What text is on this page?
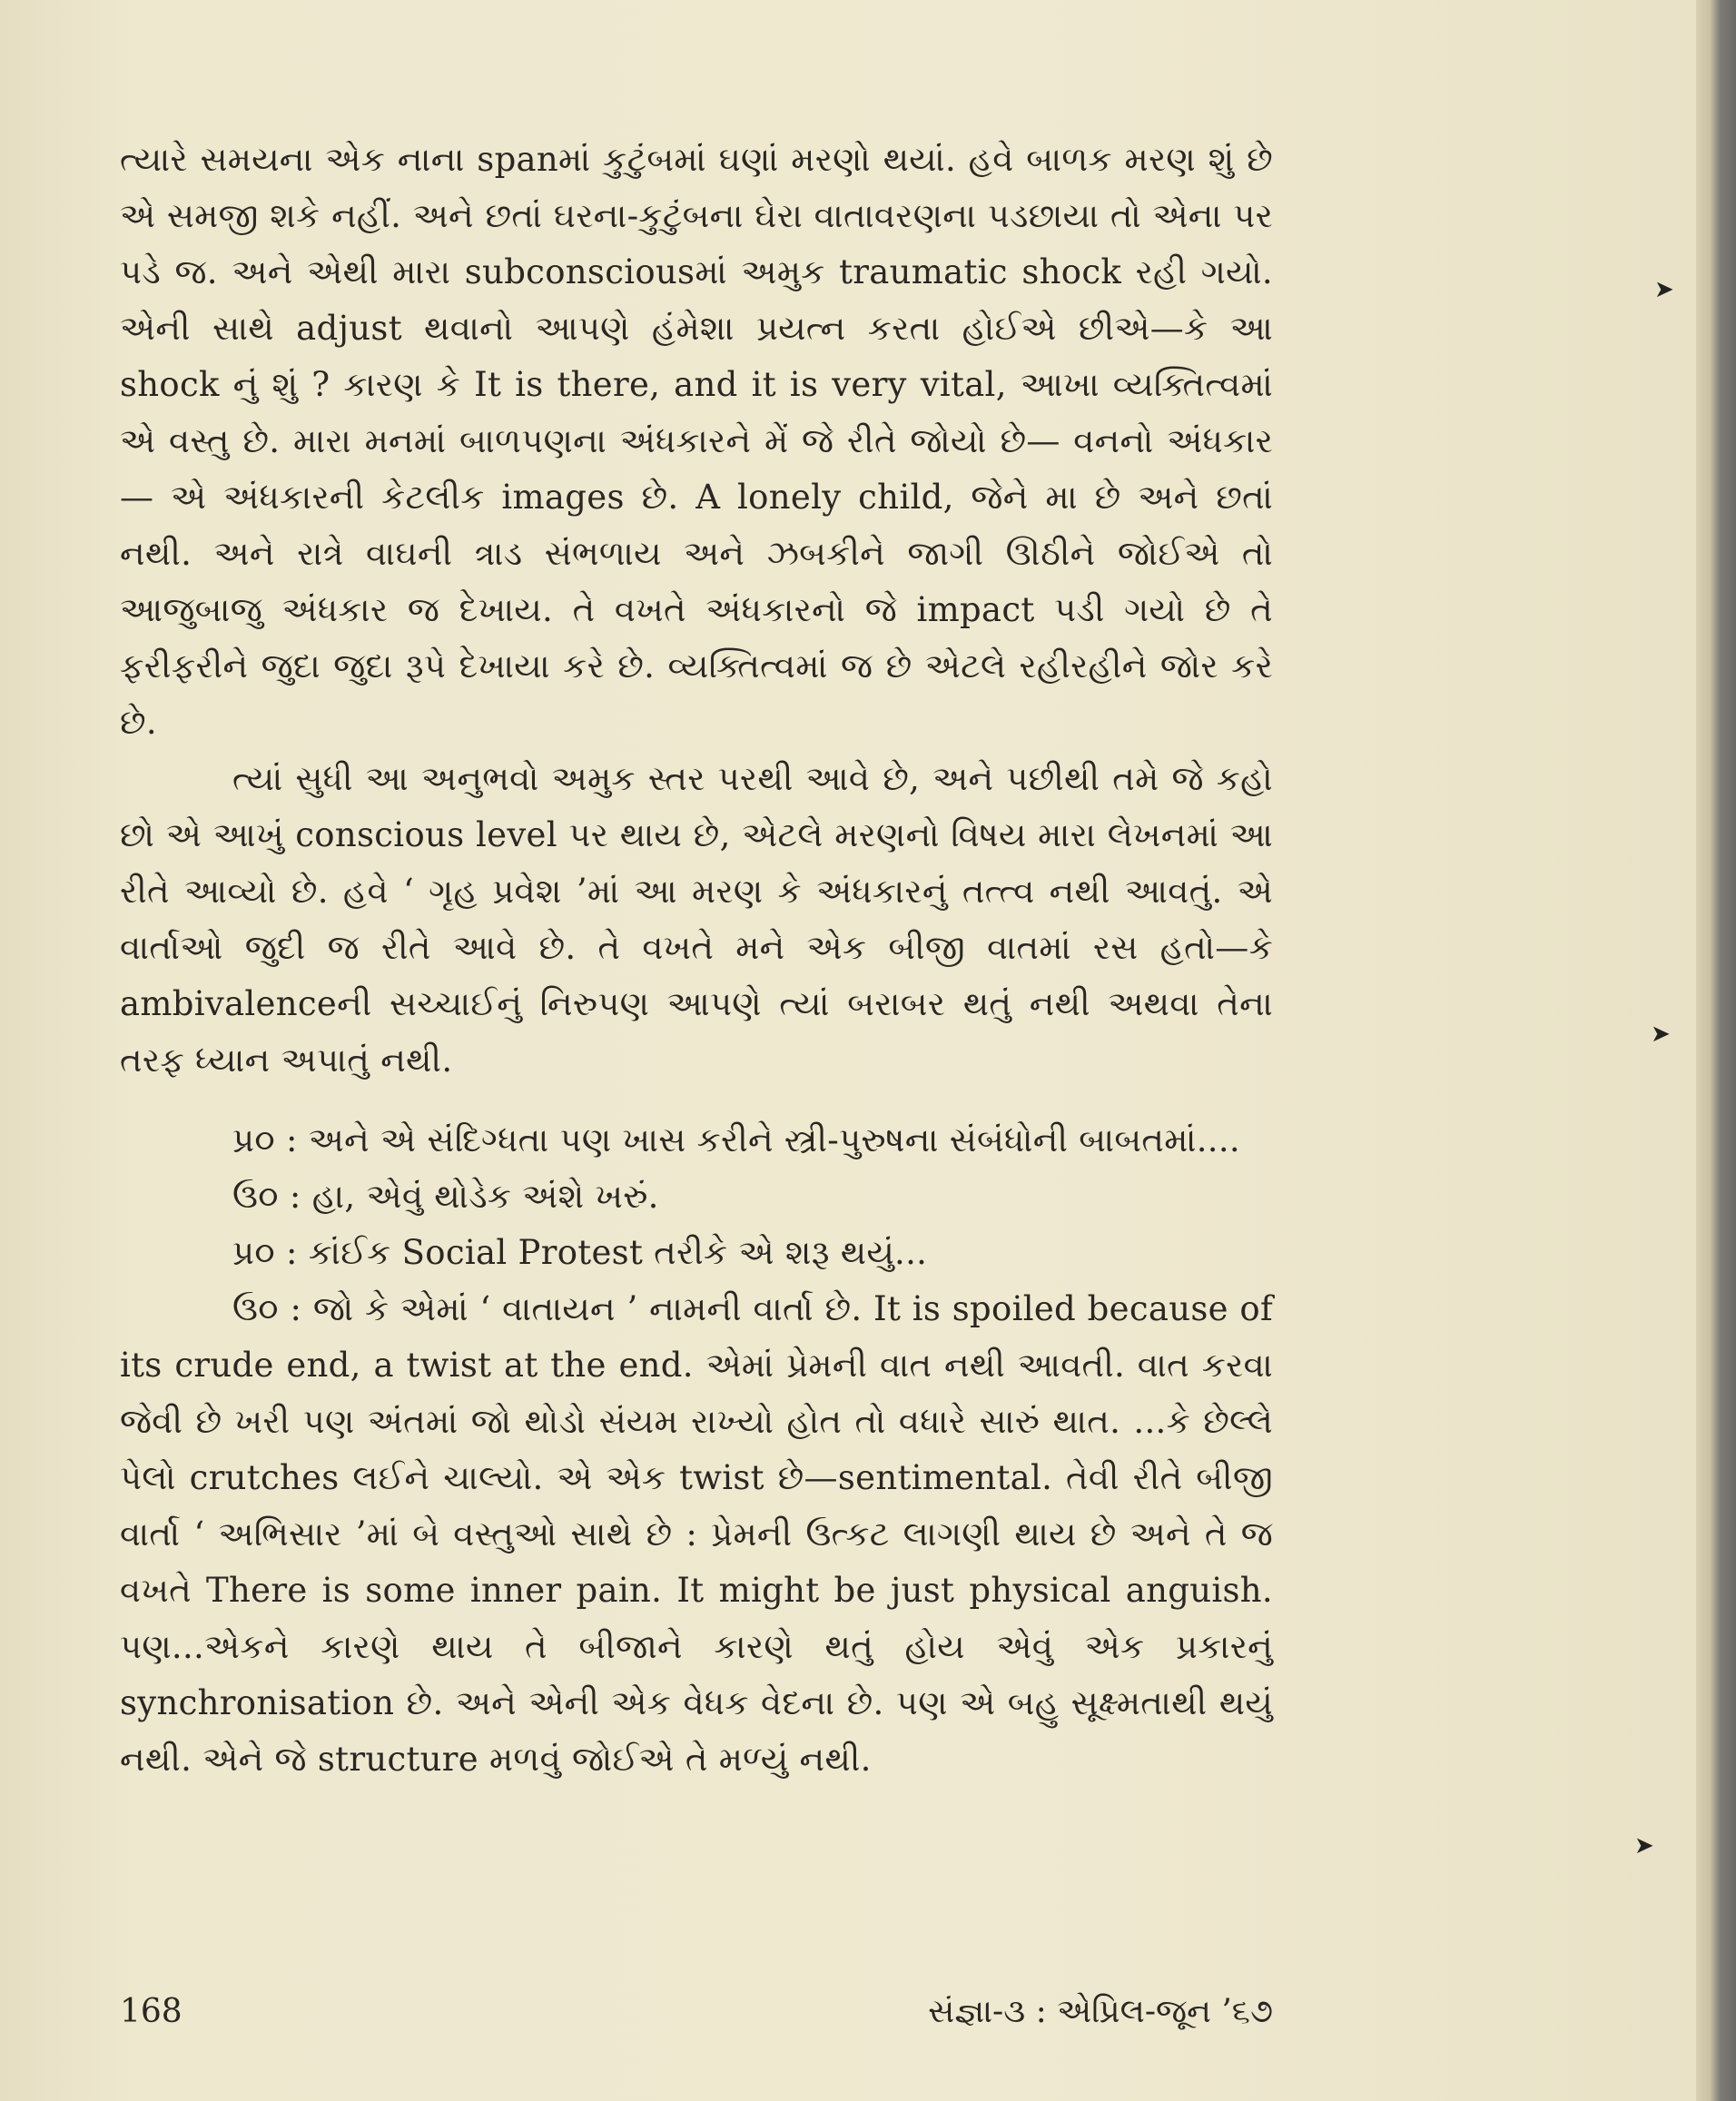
➤
➤
➤

ત્યારે સમયના એક નાના spanમાં કુટુંબમાં ઘણાં મરણો થયાં. હવે બાળક મરણ શું છે એ સમજી શકે નહીં. અને છતાં ઘરના-કુટુંબના ઘેરા વાતાવરણના પડછાયા તો એના પર પડે જ. અને એથી મારા subconsciousમાં અમુક traumatic shock રહી ગયો. એની સાથે adjust થવાનો આપણે હંમેશા પ્રયત્ન કરતા હોઈએ છીએ—કે આ shock નું શું ? કારણ કે It is there, and it is very vital, આખા વ્યક્તિત્વમાં એ વસ્તુ છે. મારા મનમાં બાળપણના અંધકારને મેં જે રીતે જોયો છે— વનનો અંધકાર— એ અંધકારની કેટલીક images છે. A lonely child, જેને મા છે અને છતાં નથી. અને રાત્રે વાઘની ત્રાડ સંભળાય અને ઝબકીને જાગી ઊઠીને જોઈએ તો આજુબાજુ અંધકાર જ દેખાય. તે વખતે અંધકારનો જે impact પડી ગયો છે તે ફરીફરીને જુદા જુદા રૂપે દેખાયા કરે છે. વ્યક્તિત્વમાં જ છે એટલે રહીરહીને જોર કરે છે.

ત્યાં સુધી આ અનુભવો અમુક સ્તર પરથી આવે છે, અને પછીથી તમે જે કહો છો એ આખું conscious level પર થાય છે, એટલે મરણનો વિષય મારા લેખનમાં આ રીતે આવ્યો છે. હવે ‘ ગૃહ પ્રવેશ ’માં આ મરણ કે અંધકારનું તત્ત્વ નથી આવતું. એ વાર્તાઓ જુદી જ રીતે આવે છે. તે વખતે મને એક બીજી વાતમાં રસ હતો—કે ambivalenceની સચ્ચાઈનું નિરુપણ આપણે ત્યાં બરાબર થતું નથી અથવા તેના તરફ ધ્યાન અપાતું નથી.

પ્ર૦ : અને એ સંદિગ્ધતા પણ ખાસ કરીને સ્ત્રી-પુરુષના સંબંધોની બાબતમાં....

ઉ૦ : હા, એવું થોડેક અંશે ખરું.

પ્ર૦ : કાંઈક Social Protest તરીકે એ શરૂ થયું...

ઉ૦ : જો કે એમાં ‘ વાતાયન ’ નામની વાર્તા છે. It is spoiled because of its crude end, a twist at the end. એમાં પ્રેમની વાત નથી આવતી. વાત કરવા જેવી છે ખરી પણ અંતમાં જો થોડો સંયમ રાખ્યો હોત તો વધારે સારું થાત. ...કે છેલ્લે પેલો crutches લઈને ચાલ્યો. એ એક twist છે—sentimental. તેવી રીતે બીજી વાર્તા ‘ અભિસાર ’માં બે વસ્તુઓ સાથે છે : પ્રેમની ઉત્કટ લાગણી થાય છે અને તે જ વખતે There is some inner pain. It might be just physical anguish. પણ...એકને કારણે થાય તે બીજાને કારણે થતું હોય એવું એક પ્રકારનું synchronisation છે. અને એની એક વેધક વેદના છે. પણ એ બહુ સૂક્ષ્મતાથી થયું નથી. એને જે structure મળવું જોઈએ તે મળ્યું નથી.

168	સંજ્ઞા-૩ : એપ્રિલ-જૂન ’૬૭
